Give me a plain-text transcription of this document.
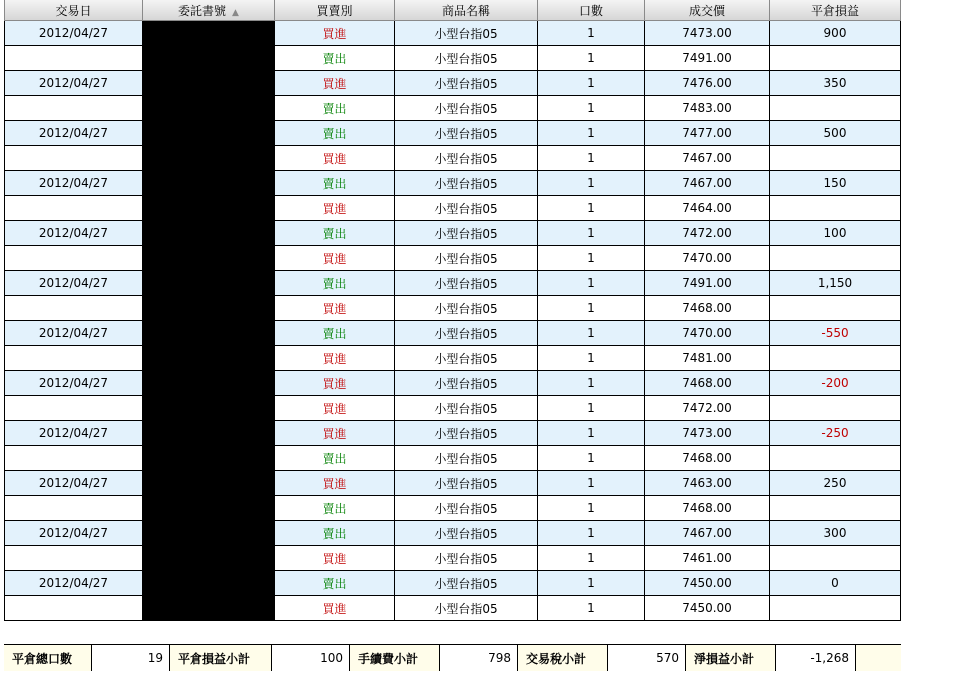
交易日	委託書號 ▲	買賣別	商品名稱	口數	成交價	平倉損益
2012/04/27		買進	小型台指05	1	7473.00	900
		賣出	小型台指05	1	7491.00	
2012/04/27		買進	小型台指05	1	7476.00	350
		賣出	小型台指05	1	7483.00	
2012/04/27		賣出	小型台指05	1	7477.00	500
		買進	小型台指05	1	7467.00	
2012/04/27		賣出	小型台指05	1	7467.00	150
		買進	小型台指05	1	7464.00	
2012/04/27		賣出	小型台指05	1	7472.00	100
		買進	小型台指05	1	7470.00	
2012/04/27		賣出	小型台指05	1	7491.00	1,150
		買進	小型台指05	1	7468.00	
2012/04/27		賣出	小型台指05	1	7470.00	-550
		買進	小型台指05	1	7481.00	
2012/04/27		買進	小型台指05	1	7468.00	-200
		買進	小型台指05	1	7472.00	
2012/04/27		買進	小型台指05	1	7473.00	-250
		賣出	小型台指05	1	7468.00	
2012/04/27		買進	小型台指05	1	7463.00	250
		賣出	小型台指05	1	7468.00	
2012/04/27		賣出	小型台指05	1	7467.00	300
		買進	小型台指05	1	7461.00	
2012/04/27		賣出	小型台指05	1	7450.00	0
		買進	小型台指05	1	7450.00	
平倉總口數	19	平倉損益小計	100	手續費小計	798	交易稅小計	570	淨損益小計	-1,268
